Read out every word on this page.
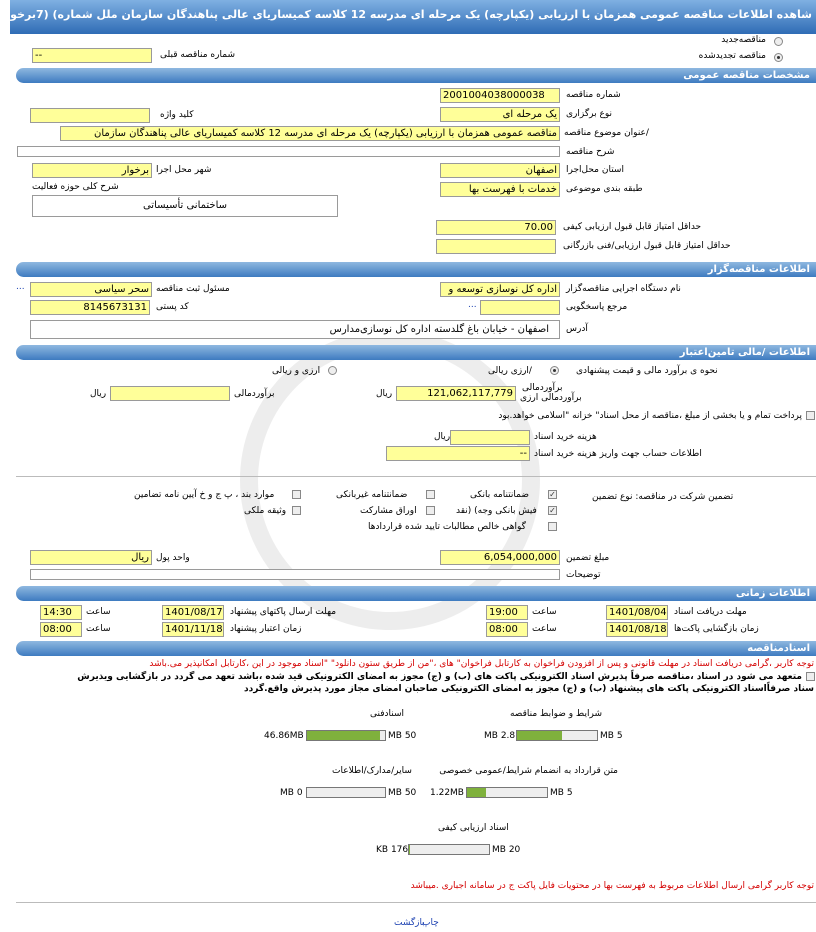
شاهده اطلاعات مناقصه عمومی همزمان با ارزیابی (یکپارچه) یک مرحله ای مدرسه 12 کلاسه کمیساریای عالی پناهندگان سازمان ملل شماره) (7برخوار
مناقصه‌جدید
مناقصه تجدیدشده
--	شماره مناقصه قبلی
مشخصات مناقصه عمومی
2001004038000038	شماره مناقصه
یک مرحله ای	نوع برگزاری
کلید واژه
مناقصه عمومی همزمان با ارزیابی (یکپارچه) یک مرحله ای مدرسه 12 کلاسه کمیساریای عالی پناهندگان سازمان /عنوان موضوع مناقصه
شرح مناقصه
اصفهان	استان محل‌اجرا
برخوار شهر محل اجرا
خدمات با فهرست بها	طبقه بندی موضوعی
شرح کلی حوزه فعالیت
ساختمانی تأسیساتی
70.00	حداقل امتیاز قابل قبول ارزیابی کیفی
حداقل امتیاز قابل قبول ارزیابی/فنی بازرگانی
اطلاعات مناقصه‌گزار
اداره کل نوسازی توسعه و	نام دستگاه اجرایی مناقصه‌گزار
سحر سیاسی مسئول ثبت مناقصه
...
مرجع پاسخگویی
...
8145673131	کد پستی
اصفهان - خیابان باغ گلدسته اداره کل نوسازی‌مدارس	آدرس
اطلاعات /مالی تامین‌اعتبار
نحوه ی برآورد مالی و قیمت پیشنهادی
/ارزی ریالی
ارزی و ریالی
121,062,117,779	برآوردمالی
برآوردمالی ارزی
ریال
برآوردمالی
ریال
پرداخت تمام و یا بخشی از مبلغ ،مناقصه از محل اسناد" خزانه "اسلامی خواهد.بود
ریال	هزینه خرید اسناد
-- اطلاعات حساب جهت واریز هزینه خرید اسناد
تضمین شرکت در مناقصه: نوع تضمین
✓
ضمانتنامه بانکی
ضمانتنامه غیربانکی
موارد بند ، پ ج و خ آیین نامه تضامین
✓
فیش بانکی وجه) (نقد
اوراق مشارکت
وثیقه ملکی
گواهی خالص مطالبات تایید شده قراردادها
6,054,000,000	مبلغ تضمین
ریال واحد پول
توضیحات
اطلاعات زمانی
1401/08/04 مهلت دریافت اسناد
19:00	ساعت
1401/08/17 مهلت ارسال پاکتهای پیشنهاد
14:30	ساعت
1401/08/18 زمان بازگشایی پاکت‌ها
08:00	ساعت
1401/11/18 زمان اعتبار پیشنهاد
08:00	ساعت
اسنادمناقصه
توجه کاربر ،گرامی دریافت اسناد در مهلت قانونی و پس از افزودن فراخوان به کارتابل فراخوان" های ،"من از طریق ستون دانلود" "اسناد موجود در این ،کارتابل امکانپذیر می.باشد
متعهد می شود در اسناد ،مناقصه صرفاً پذیرش اسناد الکترونیکی پاکت های (ب) و (ج) مجوز به امضای الکترونیکی قید شده ،باشد تعهد می گردد در بازگشایی ویذیرش
سناد صرفاًاسناد الکترونیکی پاکت های پیشنهاد (ب) و (ج) مجوز به امضای الکترونیکی صاحبان امضای مجاز مورد پذیرش واقع.گردد
شرایط و ضوابط مناقصه
5 MB
2.8 MB
اسنادفنی
50 MB
46.86MB
متن قرارداد به انضمام شرایط/عمومی خصوصی
5 MB
1.22MB
سایر/مدارک/اطلاعات
50 MB
0 MB
اسناد ارزیابی کیفی
20 MB
176 KB
توجه کاربر گرامی ارسال اطلاعات مربوط به فهرست بها در محتویات فایل پاکت ج در سامانه اجباری .میباشد
چاپ
بازگشت
